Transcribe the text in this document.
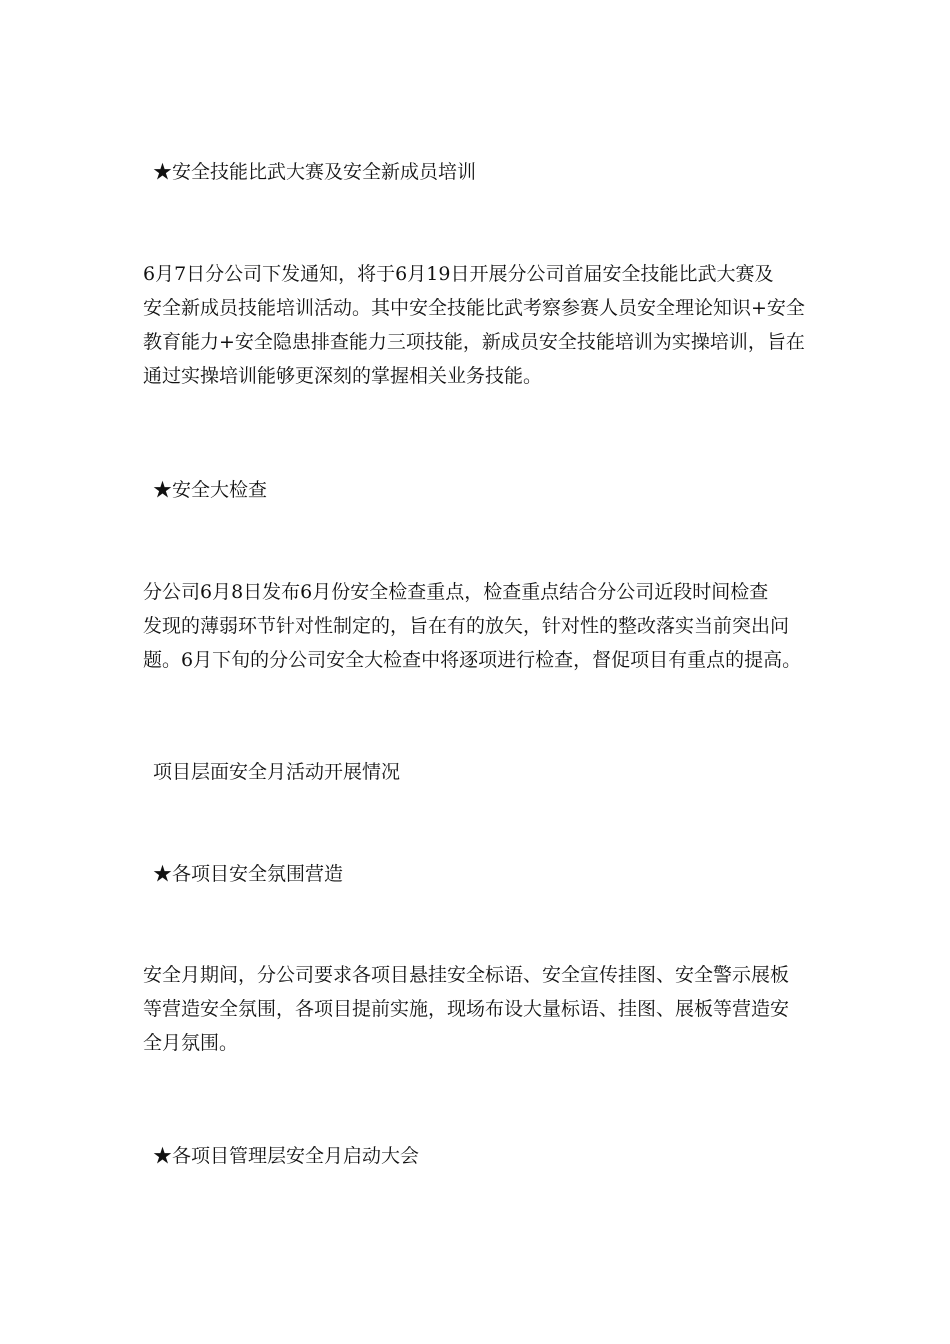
★安全技能比武大赛及安全新成员培训

6月7日分公司下发通知，将于6月19日开展分公司首届安全技能比武大赛及
安全新成员技能培训活动。其中安全技能比武考察参赛人员安全理论知识+安全
教育能力+安全隐患排查能力三项技能，新成员安全技能培训为实操培训，旨在
通过实操培训能够更深刻的掌握相关业务技能。

★安全大检查

分公司6月8日发布6月份安全检查重点，检查重点结合分公司近段时间检查
发现的薄弱环节针对性制定的，旨在有的放矢，针对性的整改落实当前突出问
题。6月下旬的分公司安全大检查中将逐项进行检查，督促项目有重点的提高。

项目层面安全月活动开展情况

★各项目安全氛围营造

安全月期间，分公司要求各项目悬挂安全标语、安全宣传挂图、安全警示展板
等营造安全氛围，各项目提前实施，现场布设大量标语、挂图、展板等营造安
全月氛围。

★各项目管理层安全月启动大会
